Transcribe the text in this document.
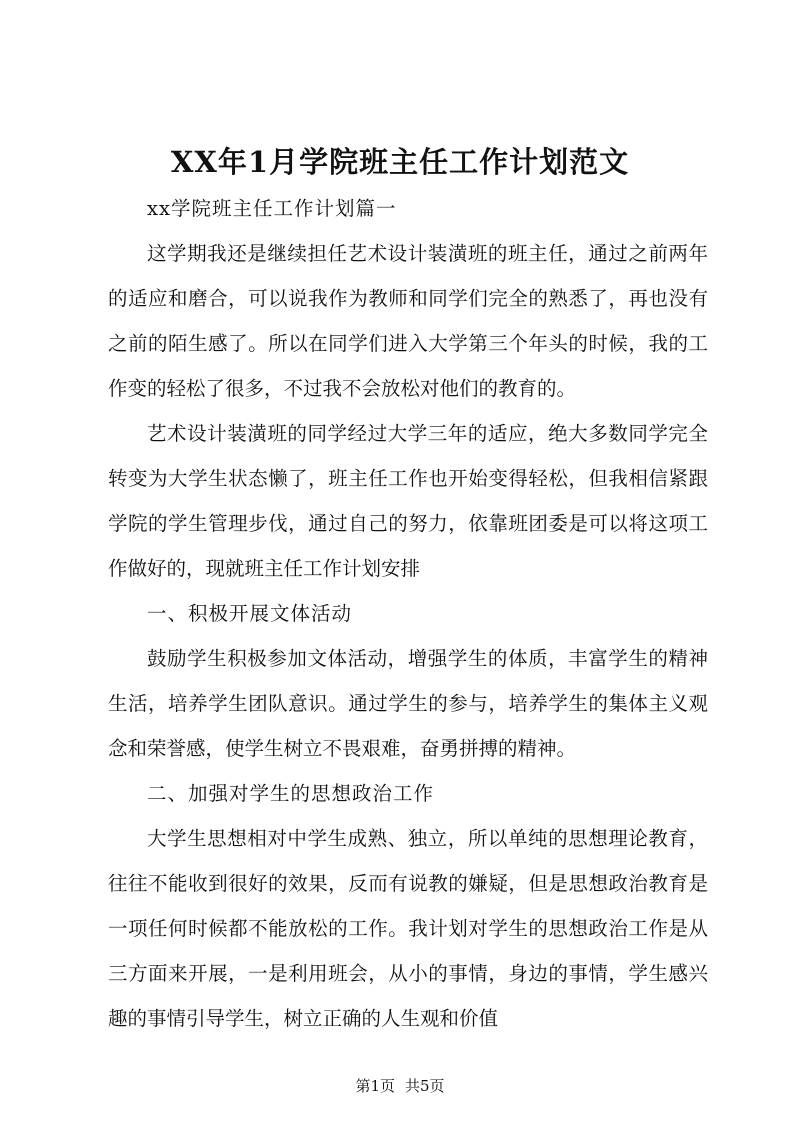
XX年1月学院班主任工作计划范文

xx学院班主任工作计划篇一

这学期我还是继续担任艺术设计装潢班的班主任，通过之前两年的适应和磨合，可以说我作为教师和同学们完全的熟悉了，再也没有之前的陌生感了。所以在同学们进入大学第三个年头的时候，我的工作变的轻松了很多，不过我不会放松对他们的教育的。

艺术设计装潢班的同学经过大学三年的适应，绝大多数同学完全转变为大学生状态懒了，班主任工作也开始变得轻松，但我相信紧跟学院的学生管理步伐，通过自己的努力，依靠班团委是可以将这项工作做好的，现就班主任工作计划安排

一、积极开展文体活动

鼓励学生积极参加文体活动，增强学生的体质，丰富学生的精神生活，培养学生团队意识。通过学生的参与，培养学生的集体主义观念和荣誉感，使学生树立不畏艰难，奋勇拼搏的精神。

二、加强对学生的思想政治工作

大学生思想相对中学生成熟、独立，所以单纯的思想理论教育，往往不能收到很好的效果，反而有说教的嫌疑，但是思想政治教育是一项任何时候都不能放松的工作。我计划对学生的思想政治工作是从三方面来开展，一是利用班会，从小的事情，身边的事情，学生感兴趣的事情引导学生，树立正确的人生观和价值

第1页 共5页
